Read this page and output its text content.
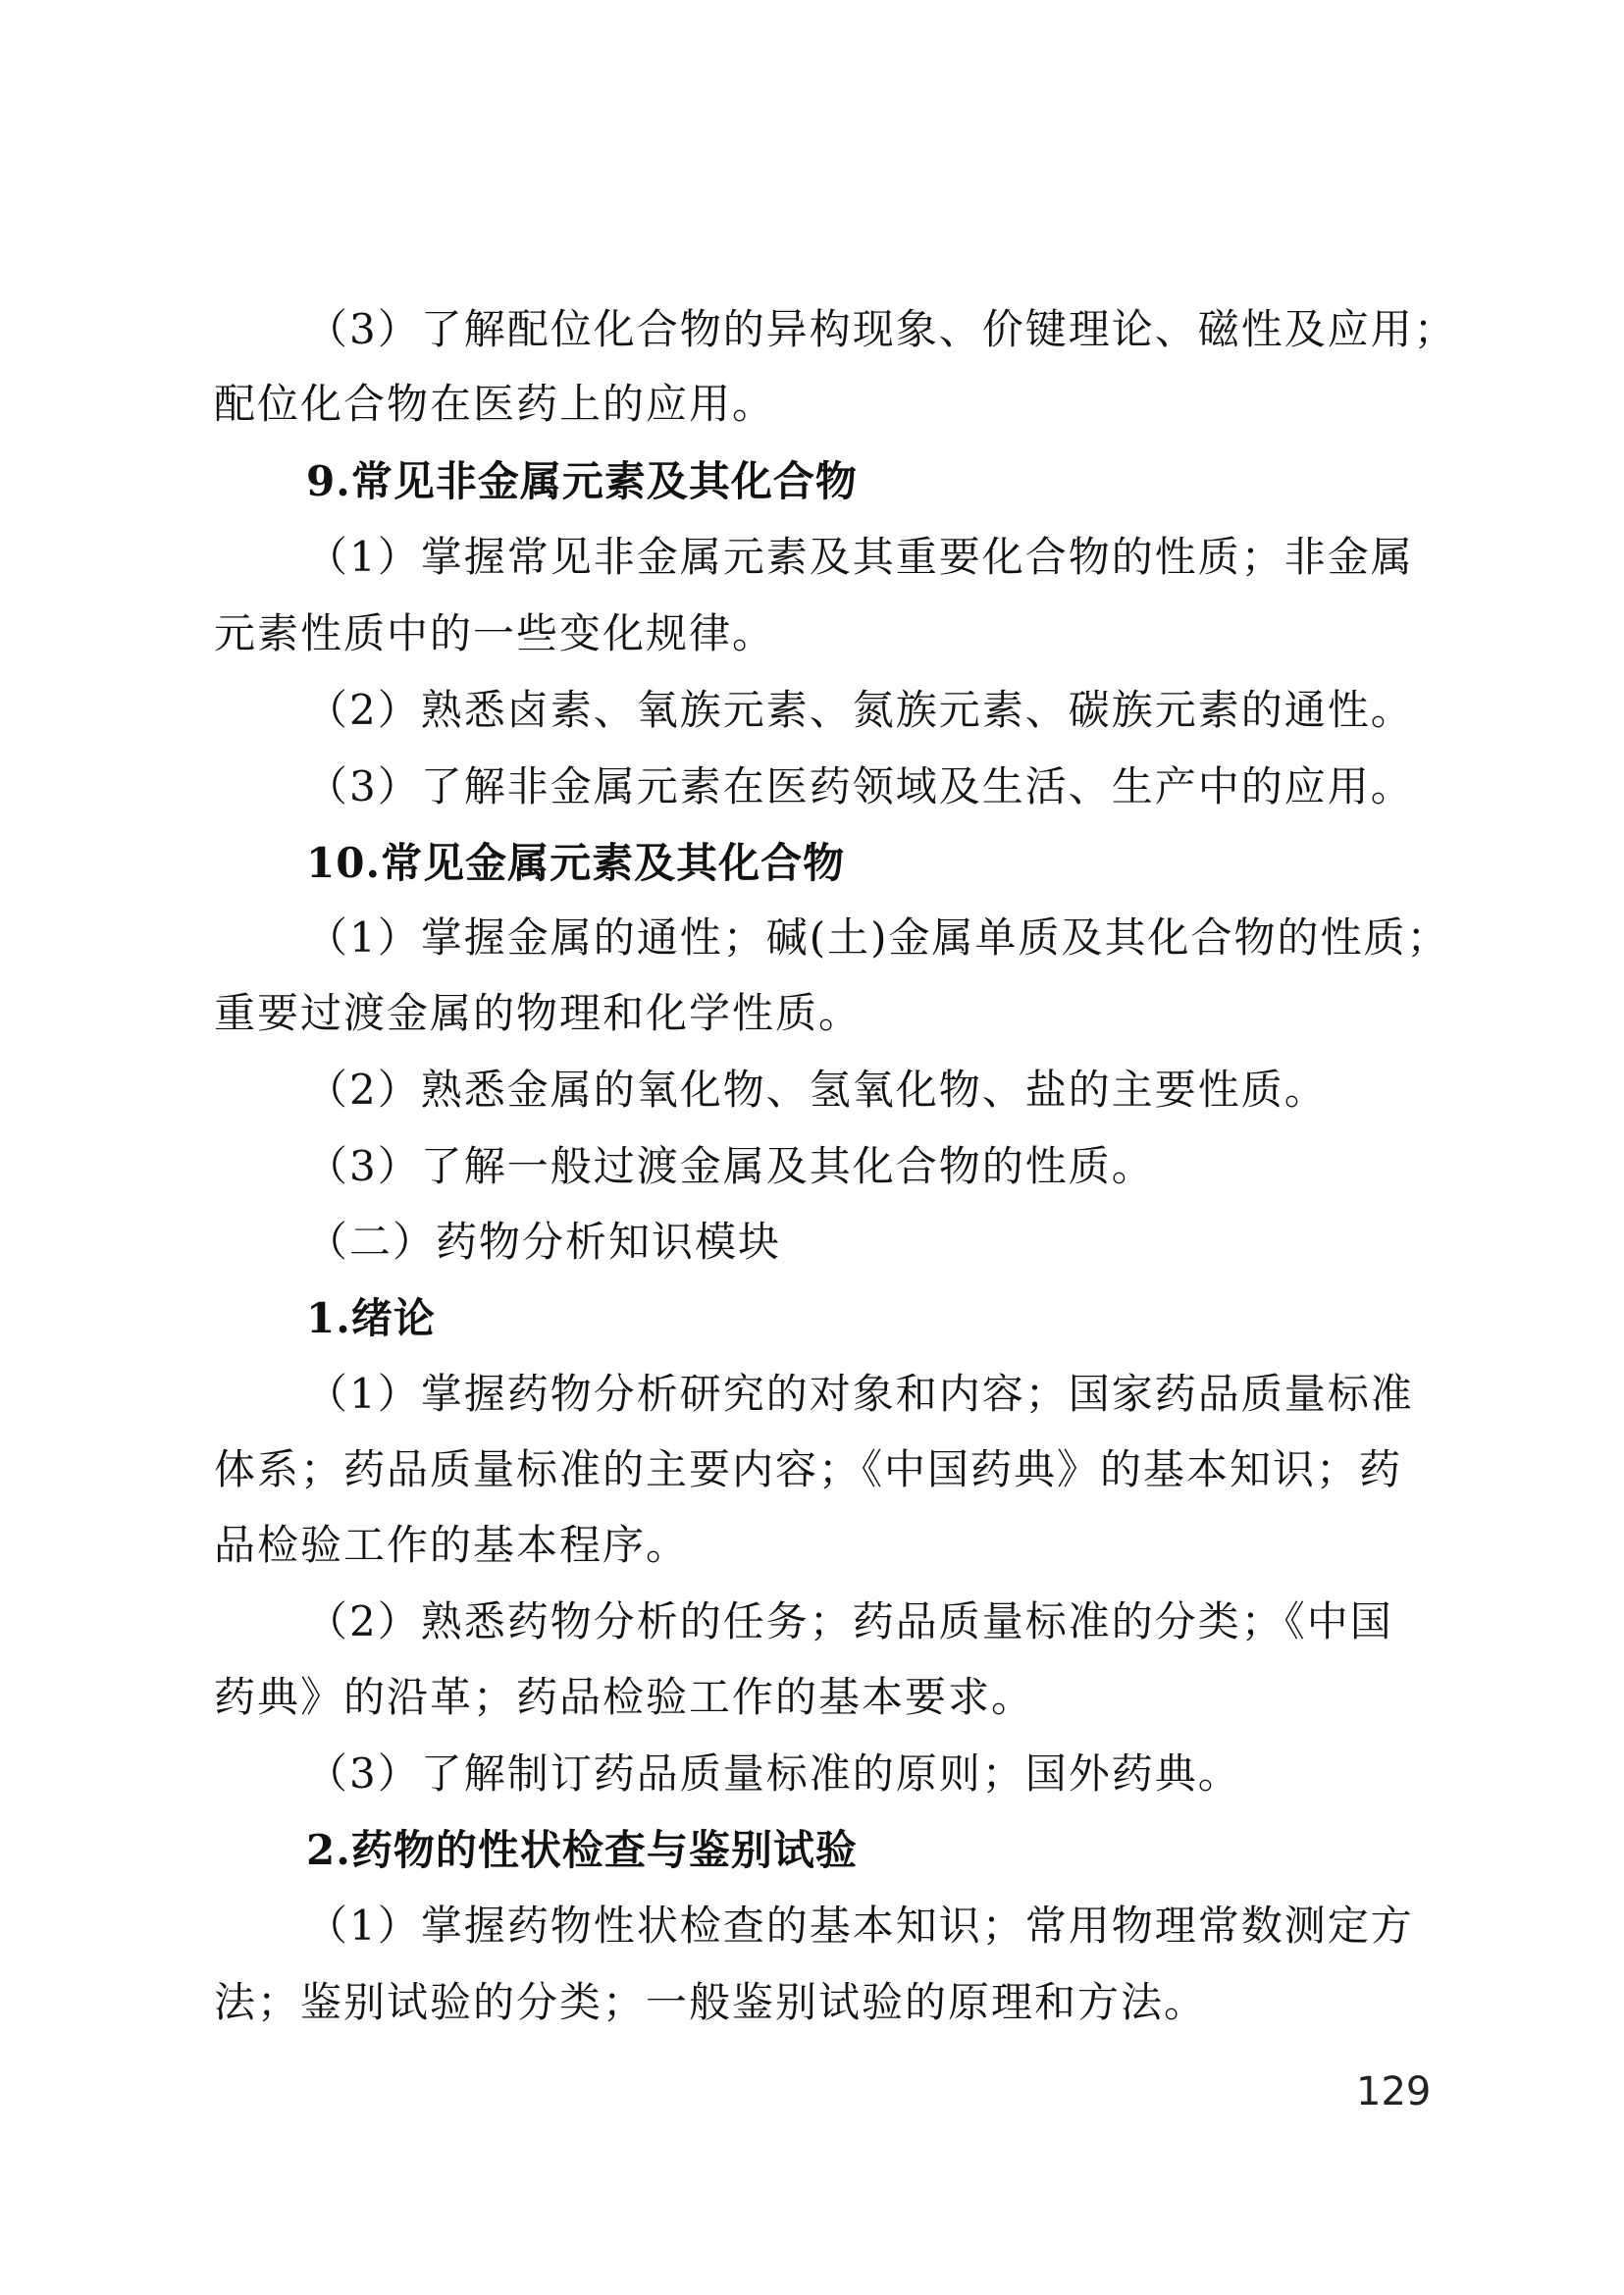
（3）了解配位化合物的异构现象、价键理论、磁性及应用；
配位化合物在医药上的应用。
9.常见非金属元素及其化合物
（1）掌握常见非金属元素及其重要化合物的性质；非金属
元素性质中的一些变化规律。
（2）熟悉卤素、氧族元素、氮族元素、碳族元素的通性。
（3）了解非金属元素在医药领域及生活、生产中的应用。
10.常见金属元素及其化合物
（1）掌握金属的通性；碱(土)金属单质及其化合物的性质；
重要过渡金属的物理和化学性质。
（2）熟悉金属的氧化物、氢氧化物、盐的主要性质。
（3）了解一般过渡金属及其化合物的性质。
（二）药物分析知识模块
1.绪论
（1）掌握药物分析研究的对象和内容；国家药品质量标准
体系；药品质量标准的主要内容；《中国药典》的基本知识；药
品检验工作的基本程序。
（2）熟悉药物分析的任务；药品质量标准的分类；《中国
药典》的沿革；药品检验工作的基本要求。
（3）了解制订药品质量标准的原则；国外药典。
2.药物的性状检查与鉴别试验
（1）掌握药物性状检查的基本知识；常用物理常数测定方
法；鉴别试验的分类；一般鉴别试验的原理和方法。
129
